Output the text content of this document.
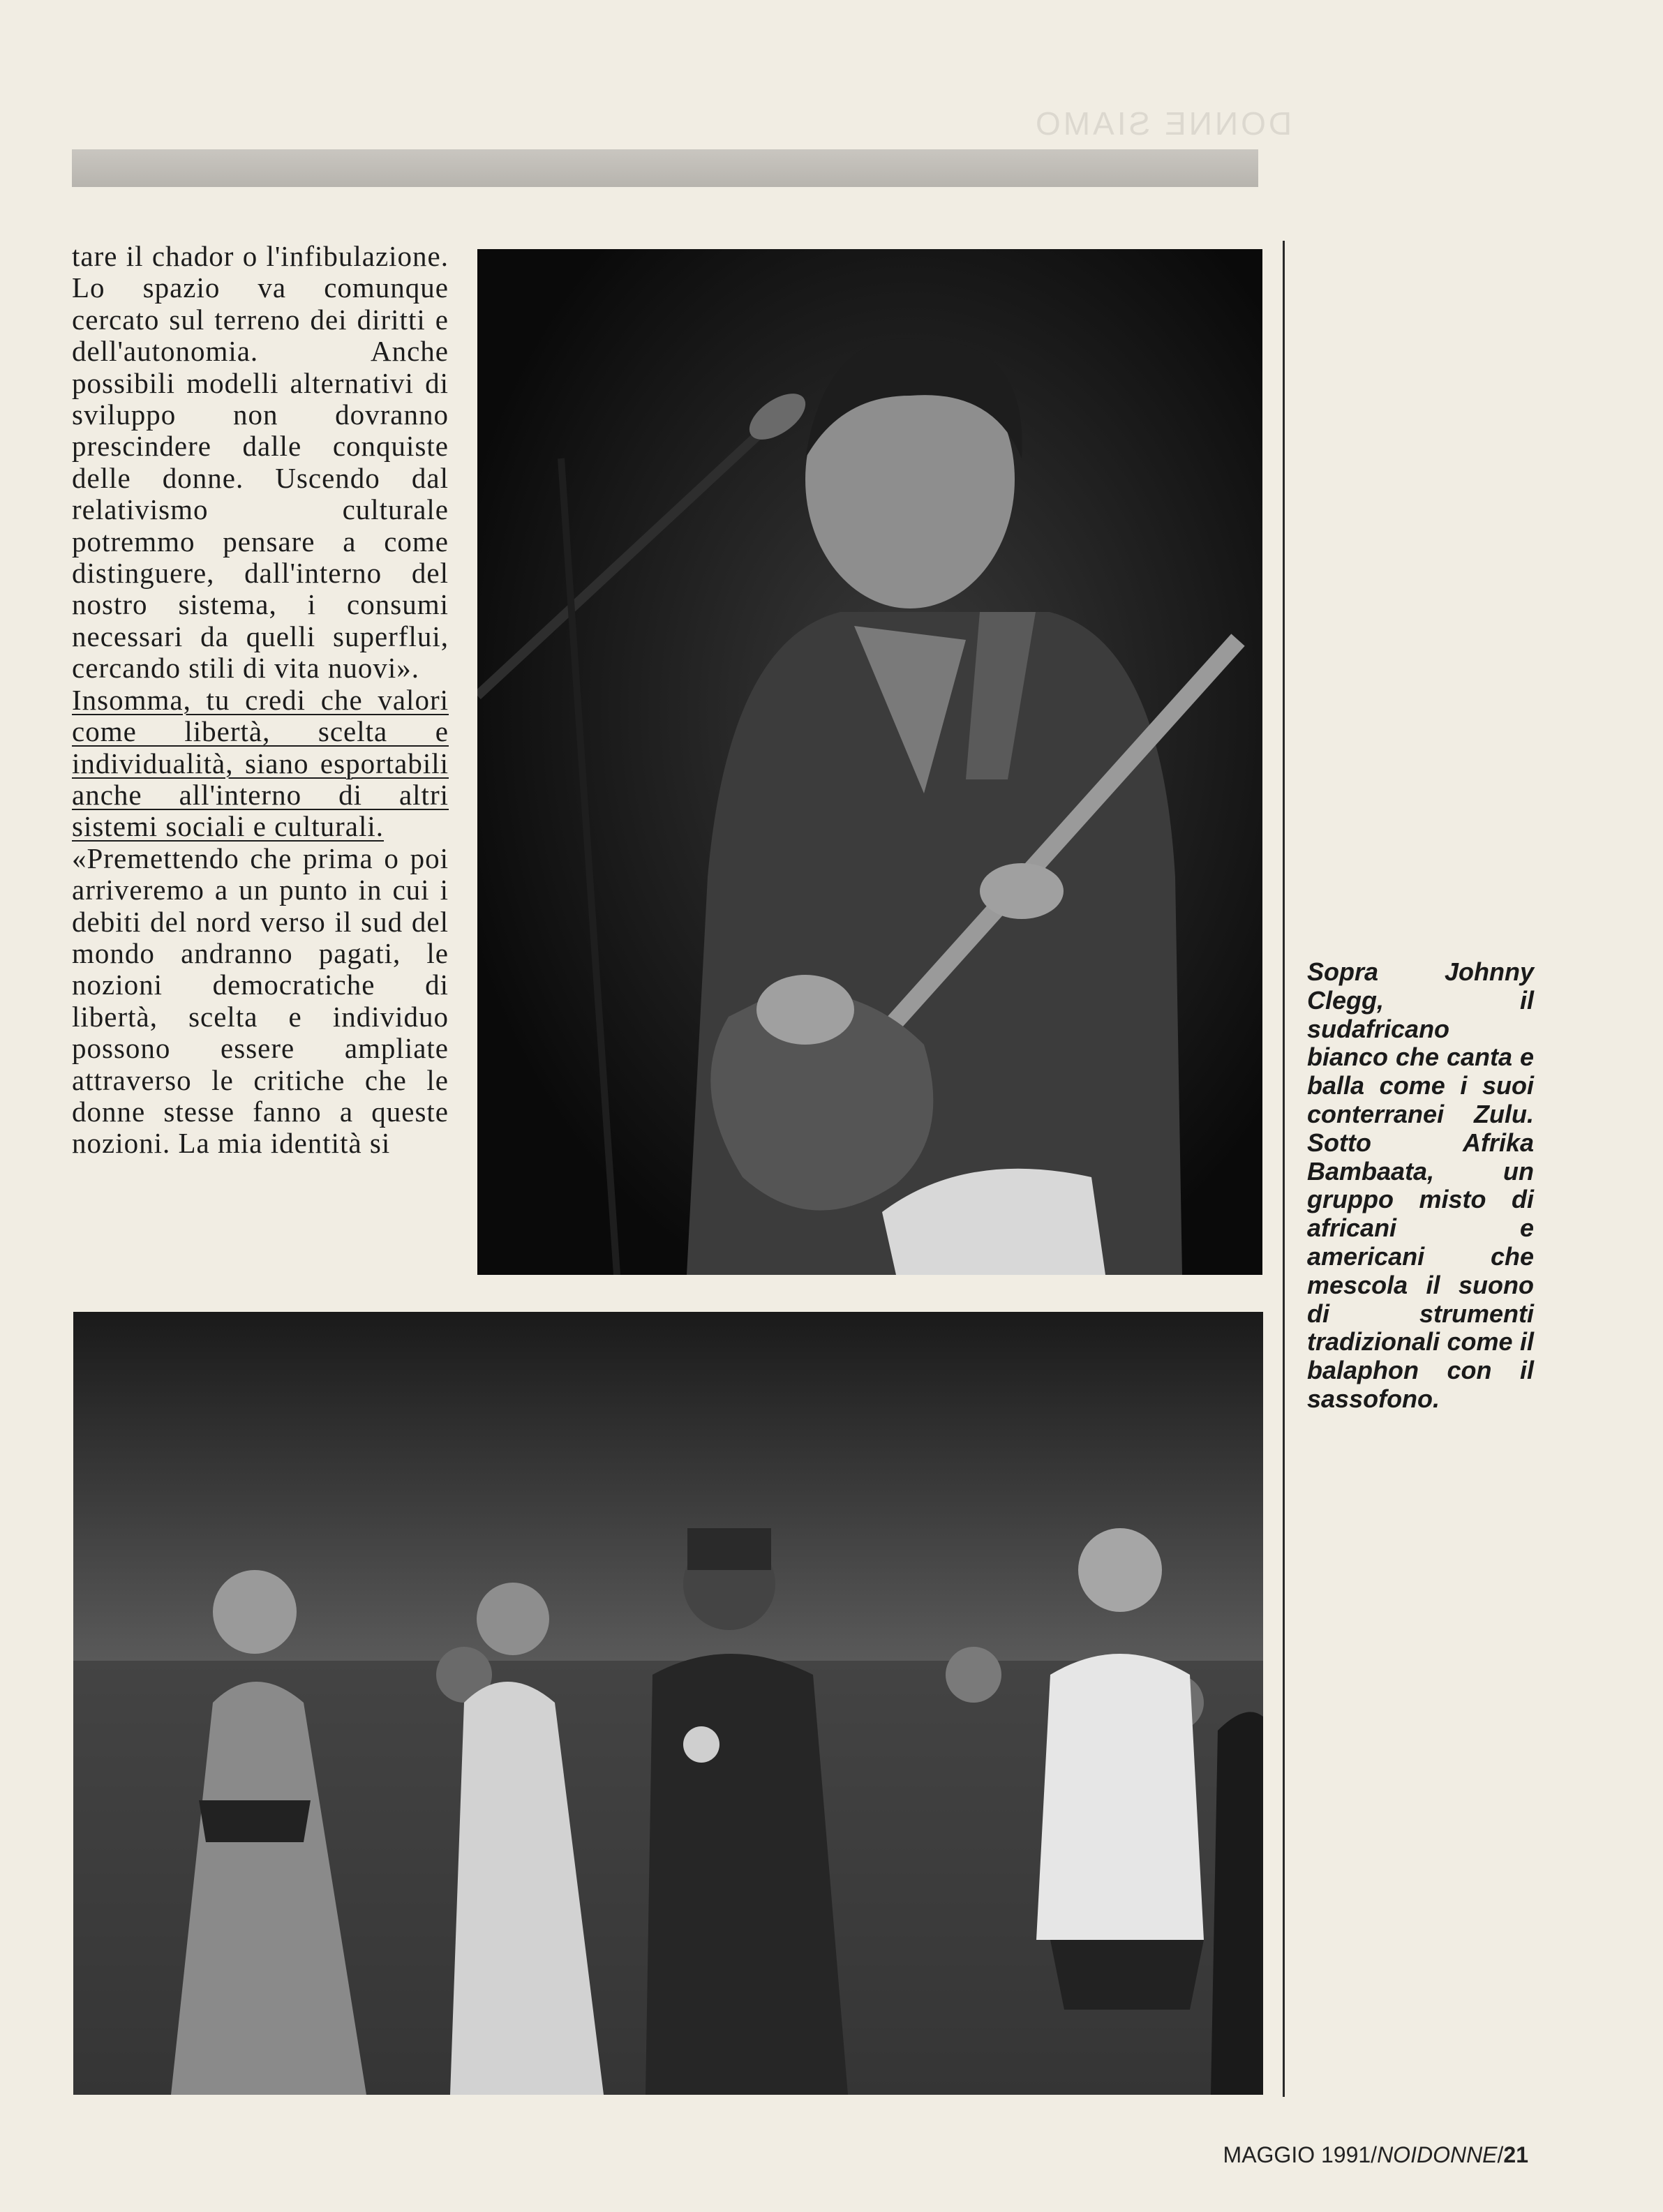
DONNE SIAMO

tare il chador o l'infibulazione. Lo spazio va comunque cercato sul terreno dei diritti e dell'autonomia. Anche possibili modelli alternativi di sviluppo non dovranno prescindere dalle conquiste delle donne. Uscendo dal relativismo culturale potremmo pensare a come distinguere, dall'interno del nostro sistema, i consumi necessari da quelli superflui, cercando stili di vita nuovi».

Insomma, tu credi che valori come libertà, scelta e individualità, siano esportabili anche all'interno di altri sistemi sociali e culturali.

«Premettendo che prima o poi arriveremo a un punto in cui i debiti del nord verso il sud del mondo andranno pagati, le nozioni democratiche di libertà, scelta e individuo possono essere ampliate attraverso le critiche che le donne stesse fanno a queste nozioni. La mia identità si

Sopra Johnny Clegg, il sudafricano bianco che canta e balla come i suoi conterranei Zulu. Sotto Afrika Bambaata, un gruppo misto di africani e americani che mescola il suono di strumenti tradizionali come il balaphon con il sassofono.
MAGGIO 1991/NOIDONNE/21
